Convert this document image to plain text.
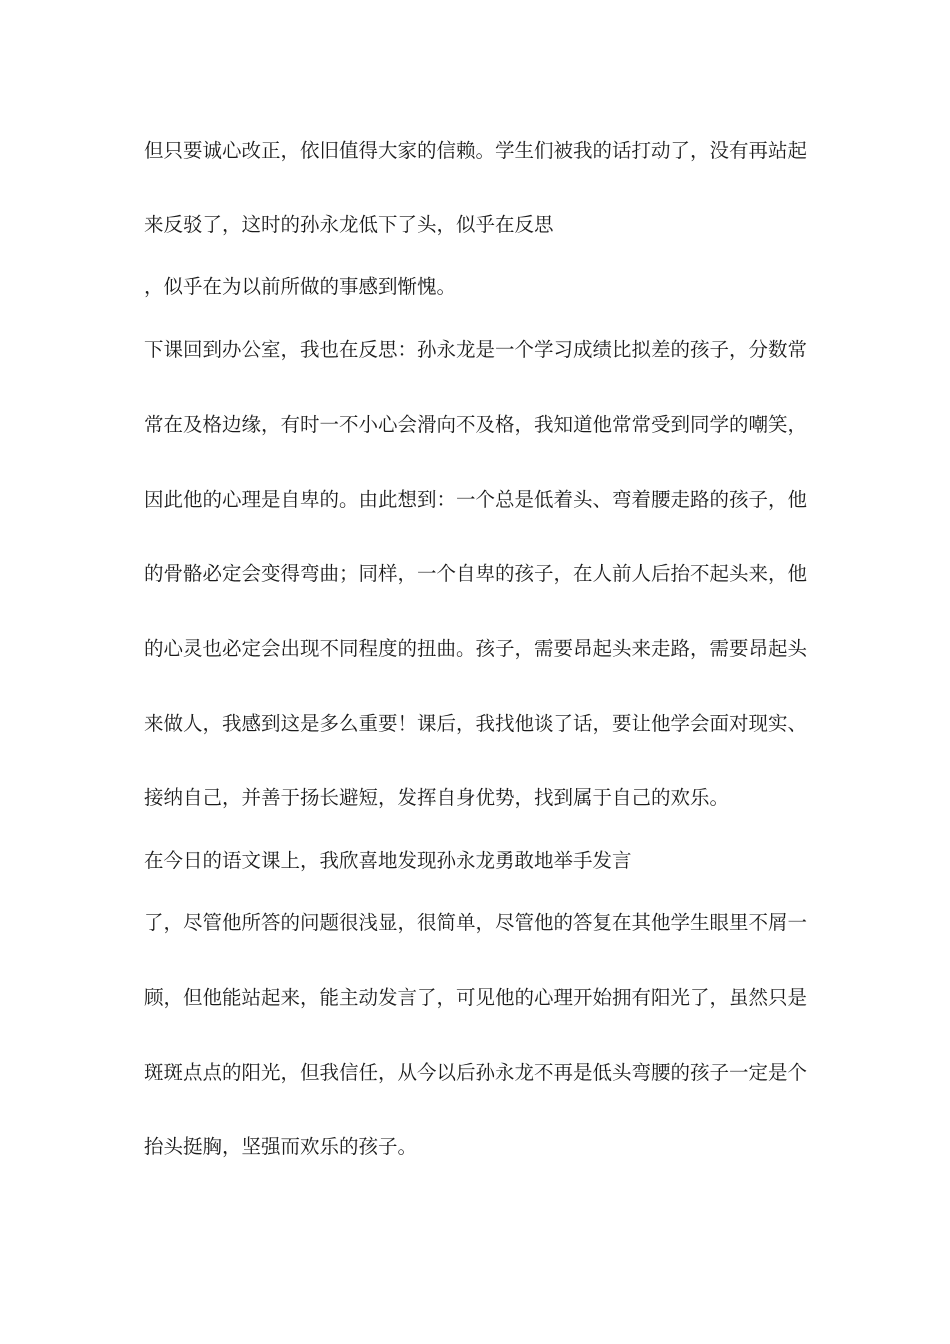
但只要诚心改正，依旧值得大家的信赖。学生们被我的话打动了，没有再站起
来反驳了，这时的孙永龙低下了头，似乎在反思
，似乎在为以前所做的事感到惭愧。
下课回到办公室，我也在反思：孙永龙是一个学习成绩比拟差的孩子，分数常
常在及格边缘，有时一不小心会滑向不及格，我知道他常常受到同学的嘲笑，
因此他的心理是自卑的。由此想到：一个总是低着头、弯着腰走路的孩子，他
的骨骼必定会变得弯曲；同样，一个自卑的孩子，在人前人后抬不起头来，他
的心灵也必定会出现不同程度的扭曲。孩子，需要昂起头来走路，需要昂起头
来做人，我感到这是多么重要！课后，我找他谈了话，要让他学会面对现实、
接纳自己，并善于扬长避短，发挥自身优势，找到属于自己的欢乐。
在今日的语文课上，我欣喜地发现孙永龙勇敢地举手发言
了，尽管他所答的问题很浅显，很简单，尽管他的答复在其他学生眼里不屑一
顾，但他能站起来，能主动发言了，可见他的心理开始拥有阳光了，虽然只是
斑斑点点的阳光，但我信任，从今以后孙永龙不再是低头弯腰的孩子一定是个
抬头挺胸，坚强而欢乐的孩子。
